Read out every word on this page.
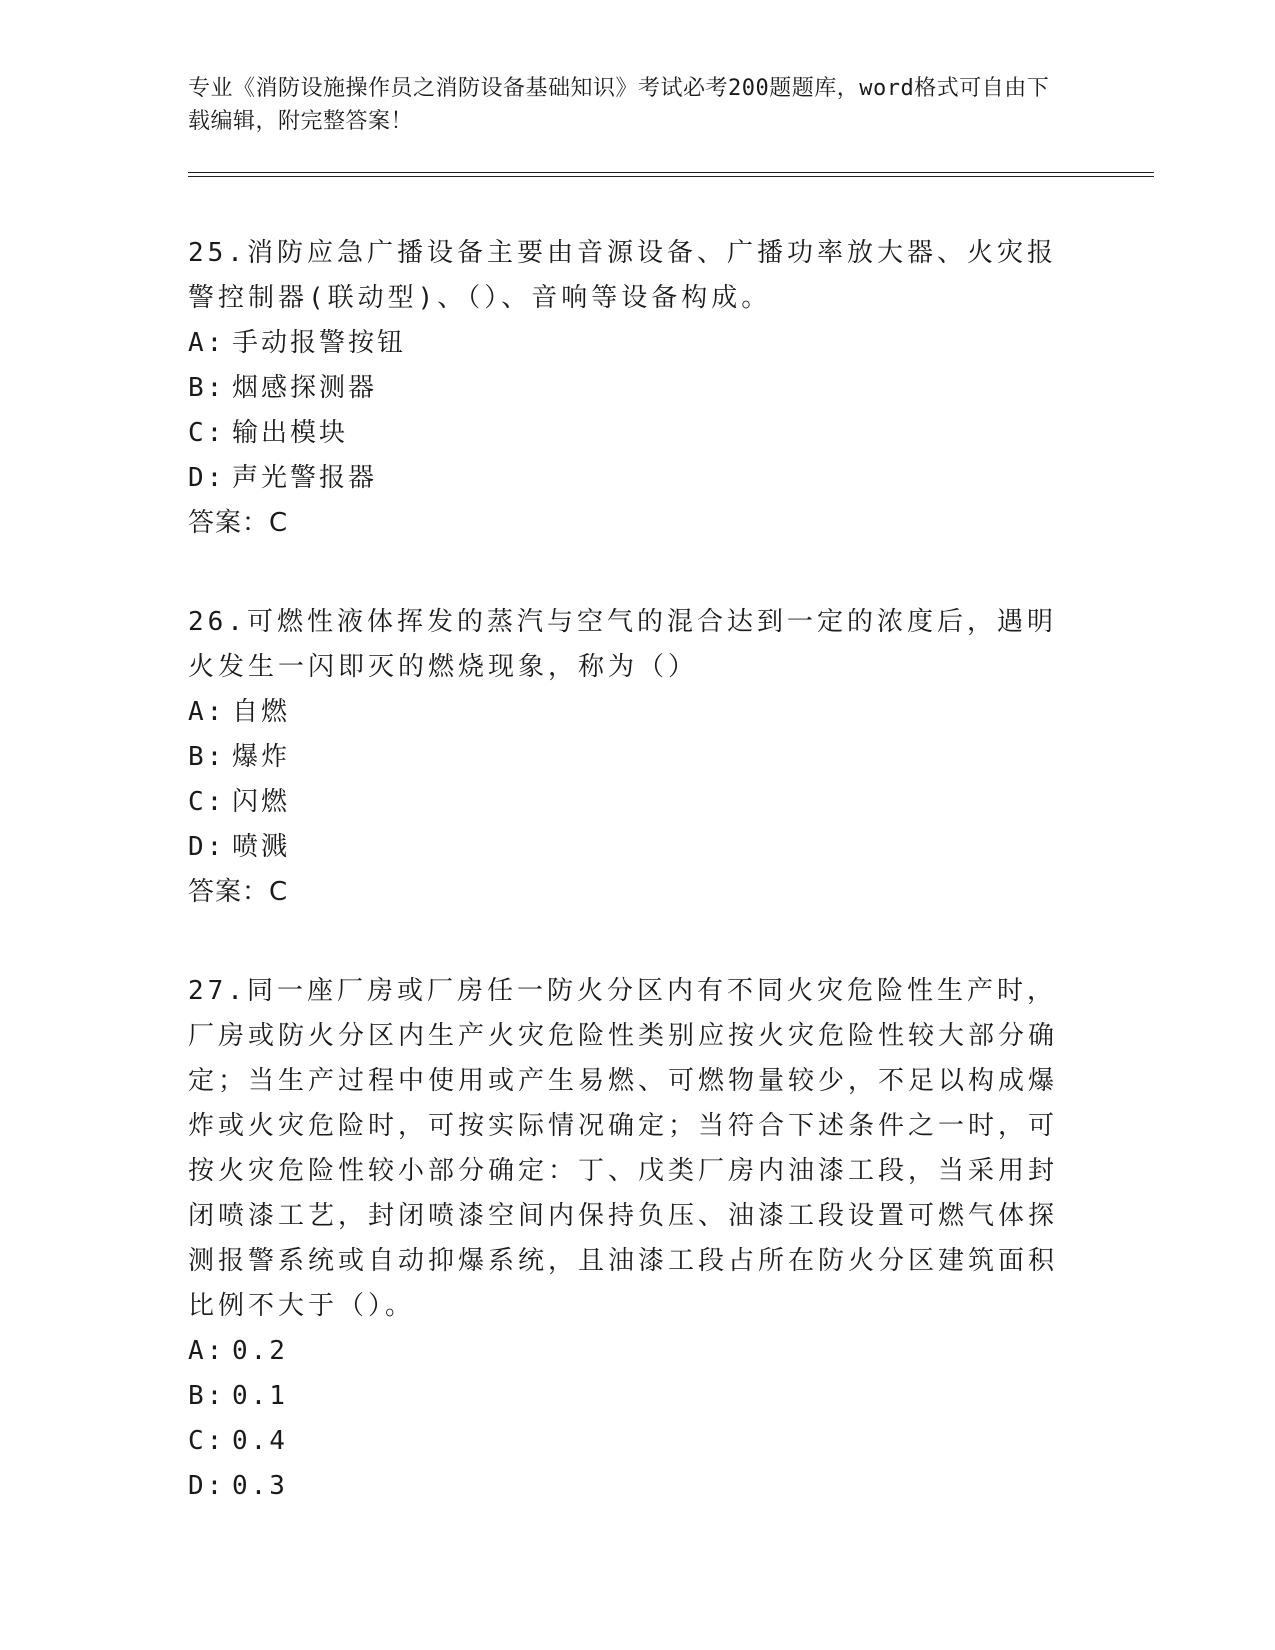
专业《消防设施操作员之消防设备基础知识》考试必考200题题库，word格式可自由下载编辑，附完整答案！

25.消防应急广播设备主要由音源设备、广播功率放大器、火灾报警控制器(联动型)、（）、音响等设备构成。

A: 手动报警按钮

B: 烟感探测器

C: 输出模块

D: 声光警报器

答案：C

26.可燃性液体挥发的蒸汽与空气的混合达到一定的浓度后，遇明火发生一闪即灭的燃烧现象，称为（）

A: 自燃

B: 爆炸

C: 闪燃

D: 喷溅

答案：C

27.同一座厂房或厂房任一防火分区内有不同火灾危险性生产时，厂房或防火分区内生产火灾危险性类别应按火灾危险性较大部分确定；当生产过程中使用或产生易燃、可燃物量较少，不足以构成爆炸或火灾危险时，可按实际情况确定；当符合下述条件之一时，可按火灾危险性较小部分确定：丁、戊类厂房内油漆工段，当采用封闭喷漆工艺，封闭喷漆空间内保持负压、油漆工段设置可燃气体探测报警系统或自动抑爆系统，且油漆工段占所在防火分区建筑面积比例不大于（）。

A: 0.2

B: 0.1

C: 0.4

D: 0.3
